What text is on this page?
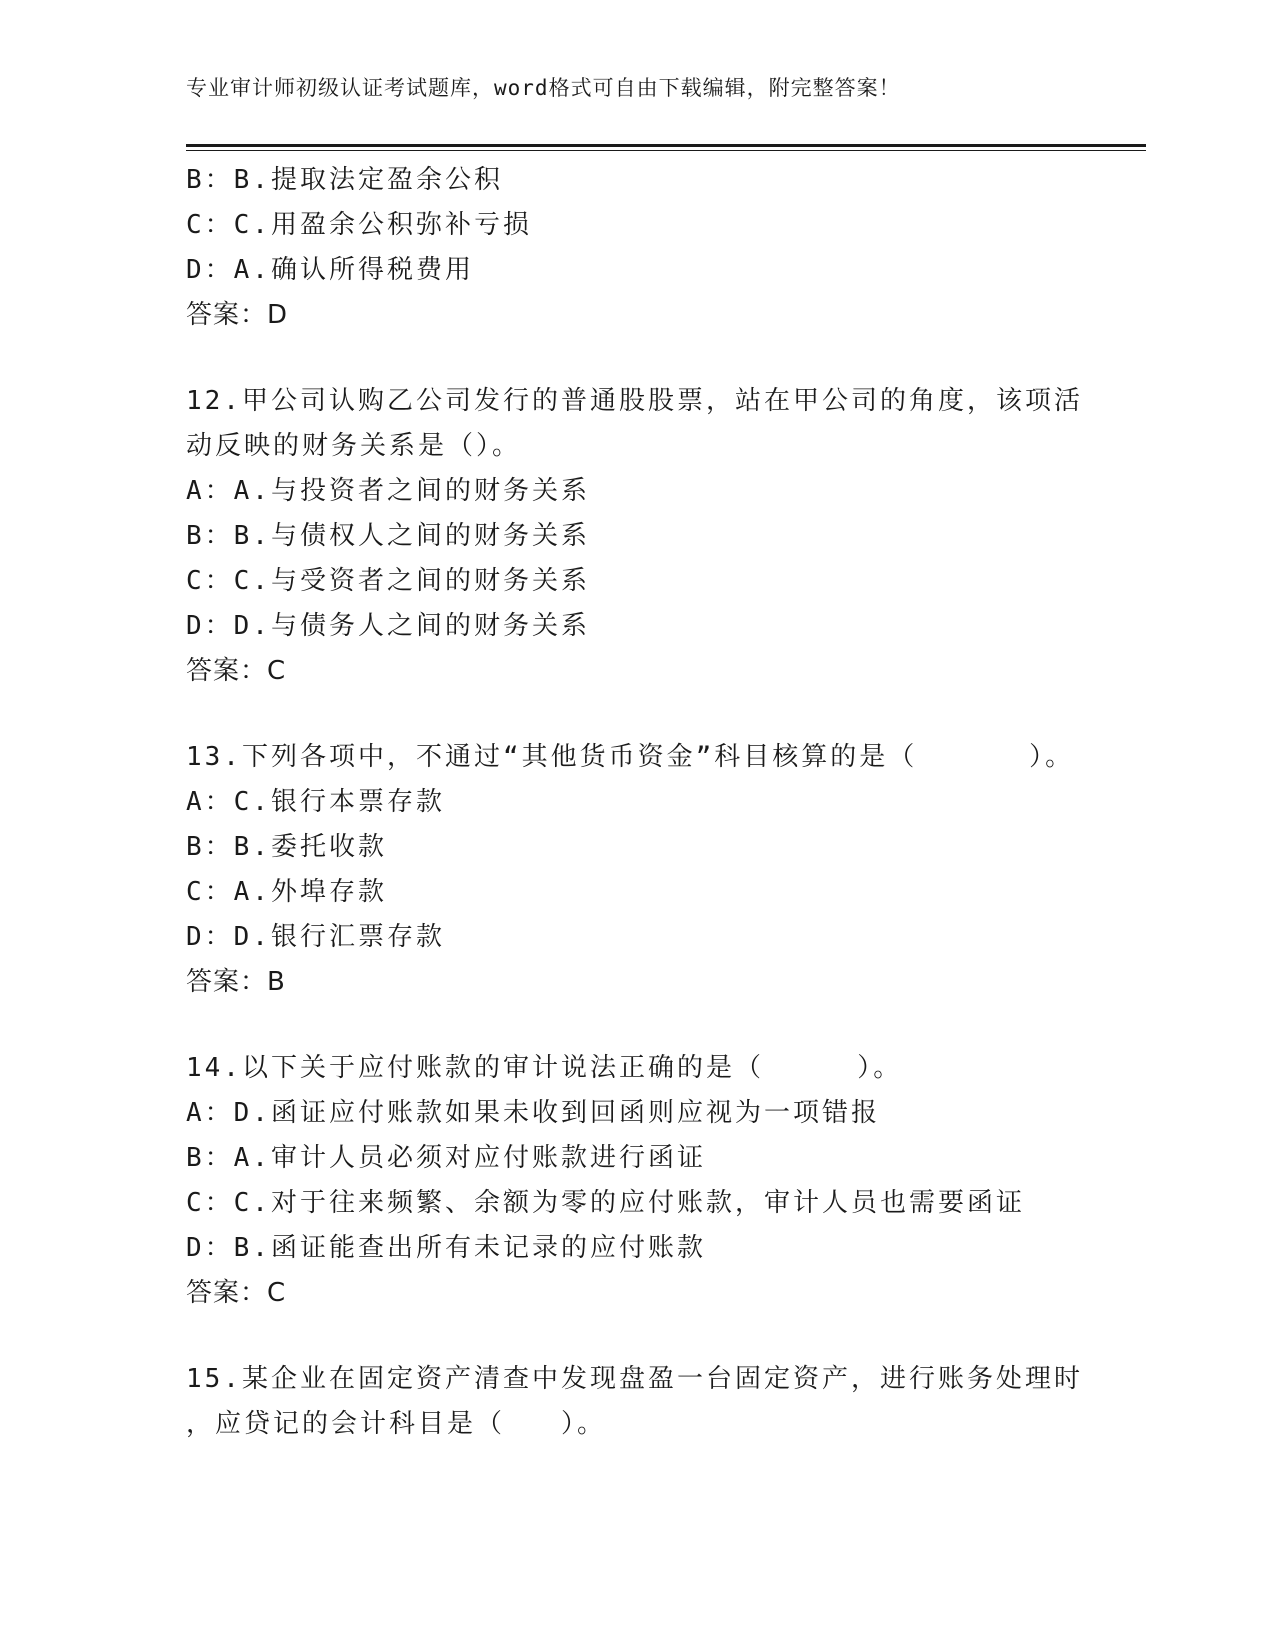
专业审计师初级认证考试题库，word格式可自由下载编辑，附完整答案！
B：B.提取法定盈余公积
C：C.用盈余公积弥补亏损
D：A.确认所得税费用
答案：D
12.甲公司认购乙公司发行的普通股股票，站在甲公司的角度，该项活
动反映的财务关系是（）。
A：A.与投资者之间的财务关系
B：B.与债权人之间的财务关系
C：C.与受资者之间的财务关系
D：D.与债务人之间的财务关系
答案：C
13.下列各项中，不通过“其他货币资金”科目核算的是（      ）。
A：C.银行本票存款
B：B.委托收款
C：A.外埠存款
D：D.银行汇票存款
答案：B
14.以下关于应付账款的审计说法正确的是（     ）。
A：D.函证应付账款如果未收到回函则应视为一项错报
B：A.审计人员必须对应付账款进行函证
C：C.对于往来频繁、余额为零的应付账款，审计人员也需要函证
D：B.函证能查出所有未记录的应付账款
答案：C
15.某企业在固定资产清查中发现盘盈一台固定资产，进行账务处理时
，应贷记的会计科目是（   ）。
